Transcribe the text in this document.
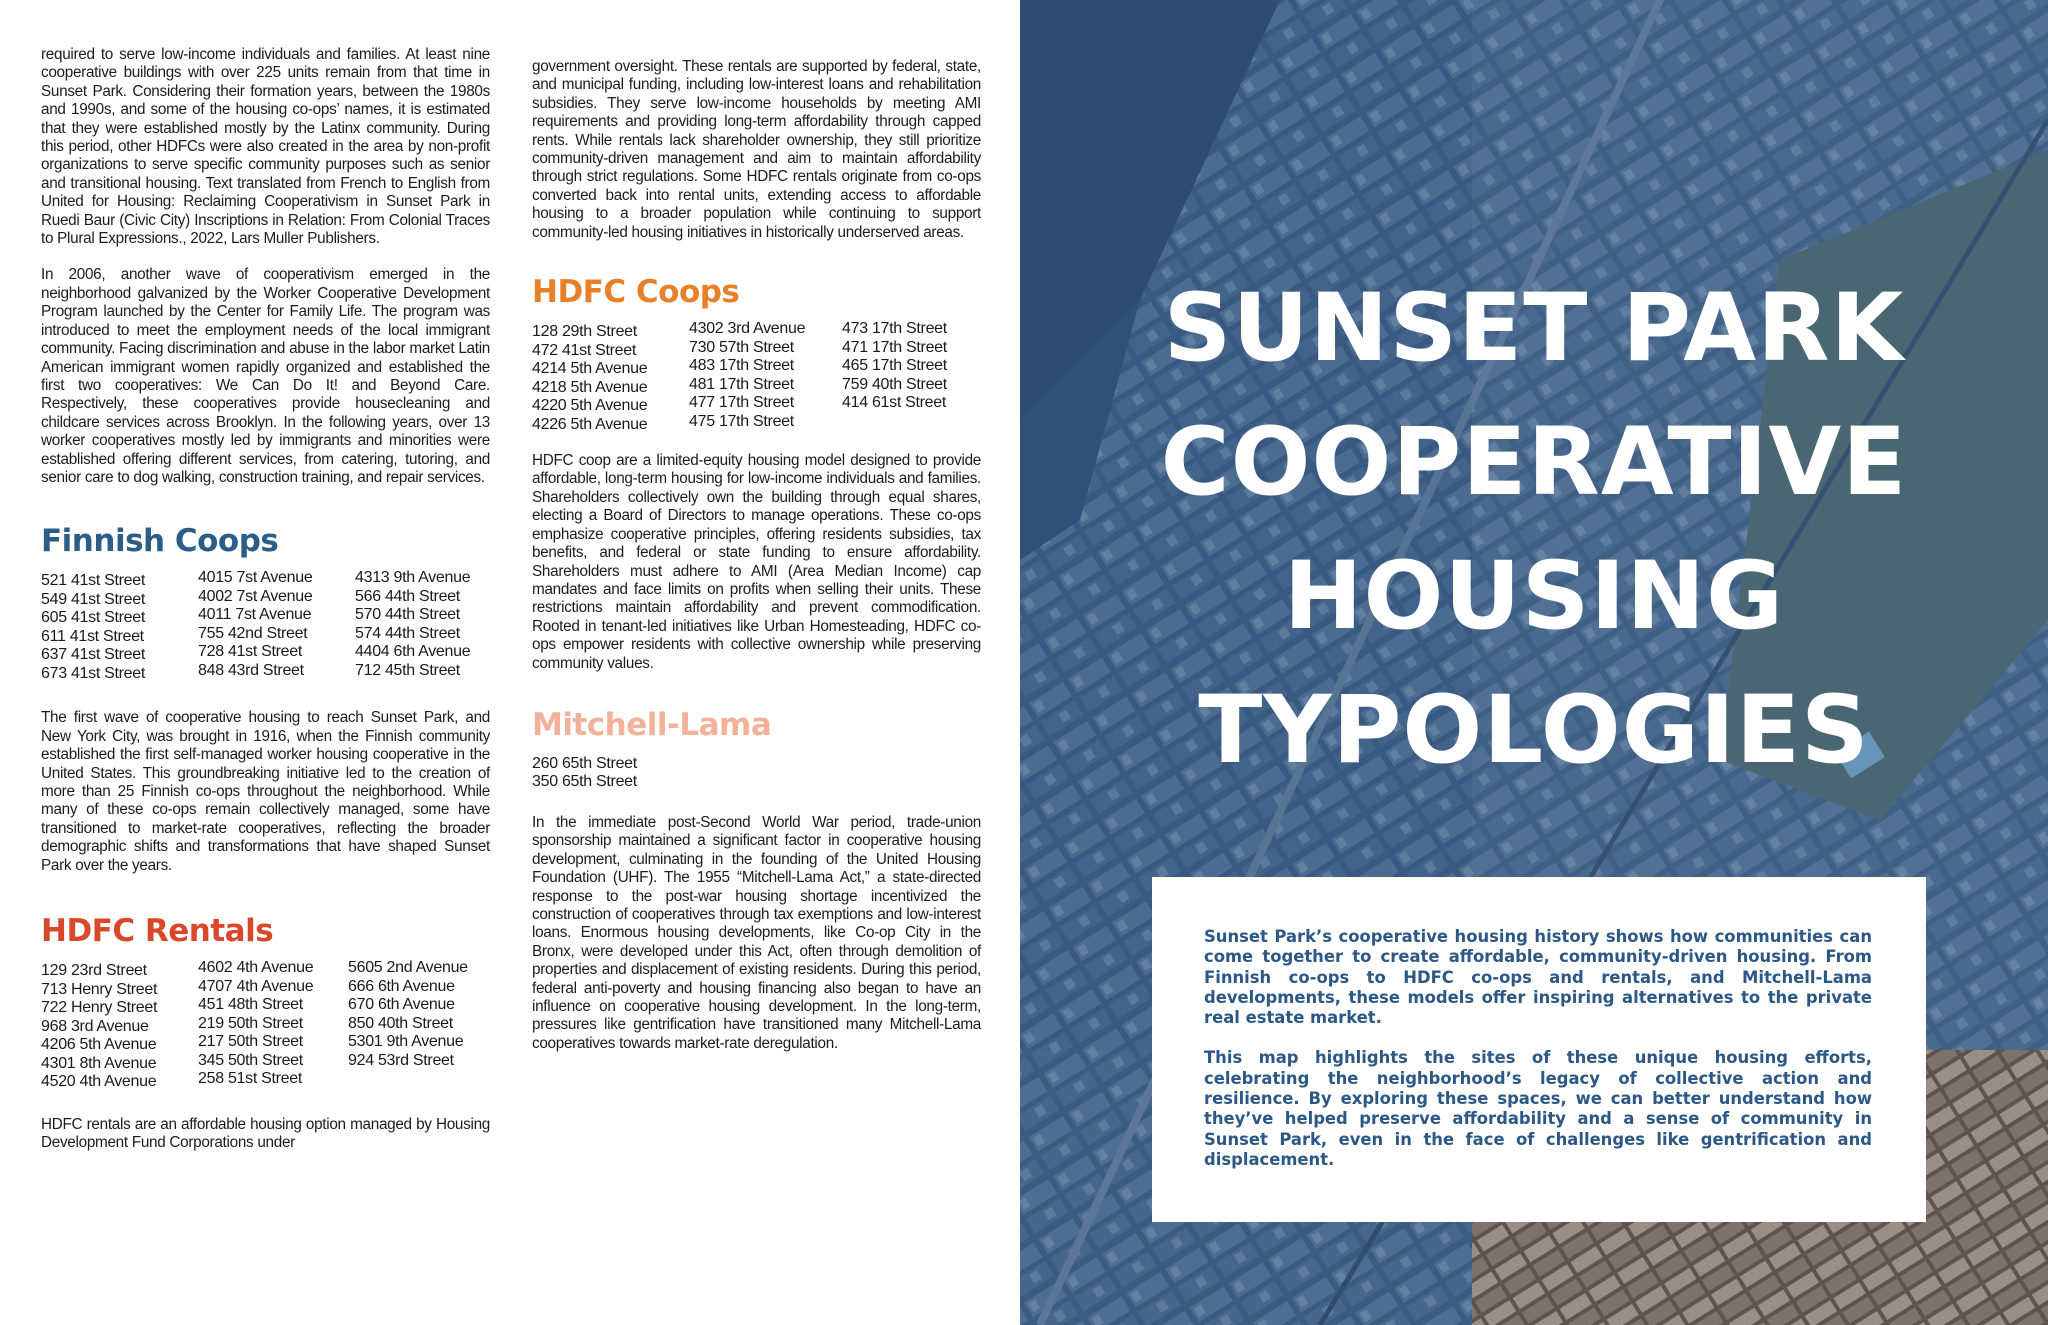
required to serve low-income individuals and families. At least nine cooperative buildings with over 225 units remain from that time in Sunset Park. Considering their formation years, between the 1980s and 1990s, and some of the housing co-ops’ names, it is estimated that they were established mostly by the Latinx community. During this period, other HDFCs were also created in the area by non-profit organizations to serve specific community purposes such as senior and transitional housing. Text translated from French to English from United for Housing: Reclaiming Cooperativism in Sunset Park in Ruedi Baur (Civic City) Inscriptions in Relation: From Colonial Traces to Plural Expressions., 2022, Lars Muller Publishers.

In 2006, another wave of cooperativism emerged in the neighborhood galvanized by the Worker Cooperative Development Program launched by the Center for Family Life. The program was introduced to meet the employment needs of the local immigrant community. Facing discrimination and abuse in the labor market Latin American immigrant women rapidly organized and established the first two cooperatives: We Can Do It! and Beyond Care. Respectively, these cooperatives provide housecleaning and childcare services across Brooklyn. In the following years, over 13 worker cooperatives mostly led by immigrants and minorities were established offering different services, from catering, tutoring, and senior care to dog walking, construction training, and repair services.

Finnish Coops
521 41st Street
549 41st Street
605 41st Street
611 41st Street
637 41st Street
673 41st Street
4015 7st Avenue
4002 7st Avenue
4011 7st Avenue
755 42nd Street
728 41st Street
848 43rd Street
4313 9th Avenue
566 44th Street
570 44th Street
574 44th Street
4404 6th Avenue
712 45th Street

The first wave of cooperative housing to reach Sunset Park, and New York City, was brought in 1916, when the Finnish community established the first self-managed worker housing cooperative in the United States. This groundbreaking initiative led to the creation of more than 25 Finnish co-ops throughout the neighborhood. While many of these co-ops remain collectively managed, some have transitioned to market-rate cooperatives, reflecting the broader demographic shifts and transformations that have shaped Sunset Park over the years.

HDFC Rentals
129 23rd Street
713 Henry Street
722 Henry Street
968 3rd Avenue
4206 5th Avenue
4301 8th Avenue
4520 4th Avenue
4602 4th Avenue
4707 4th Avenue
451 48th Street
219 50th Street
217 50th Street
345 50th Street
258 51st Street
5605 2nd Avenue
666 6th Avenue
670 6th Avenue
850 40th Street
5301 9th Avenue
924 53rd Street

HDFC rentals are an affordable housing option managed by Housing Development Fund Corporations under

government oversight. These rentals are supported by federal, state, and municipal funding, including low-interest loans and rehabilitation subsidies. They serve low-income households by meeting AMI requirements and providing long-term affordability through capped rents. While rentals lack shareholder ownership, they still prioritize community-driven management and aim to maintain affordability through strict regulations. Some HDFC rentals originate from co-ops converted back into rental units, extending access to affordable housing to a broader population while continuing to support community-led housing initiatives in historically underserved areas.

HDFC Coops
128 29th Street
472 41st Street
4214 5th Avenue
4218 5th Avenue
4220 5th Avenue
4226 5th Avenue
4302 3rd Avenue
730 57th Street
483 17th Street
481 17th Street
477 17th Street
475 17th Street
473 17th Street
471 17th Street
465 17th Street
759 40th Street
414 61st Street

HDFC coop are a limited-equity housing model designed to provide affordable, long-term housing for low-income individuals and families. Shareholders collectively own the building through equal shares, electing a Board of Directors to manage operations. These co-ops emphasize cooperative principles, offering residents subsidies, tax benefits, and federal or state funding to ensure affordability. Shareholders must adhere to AMI (Area Median Income) cap mandates and face limits on profits when selling their units. These restrictions maintain affordability and prevent commodification. Rooted in tenant-led initiatives like Urban Homesteading, HDFC co-ops empower residents with collective ownership while preserving community values.

Mitchell-Lama
260 65th Street
350 65th Street

In the immediate post-Second World War period, trade-union sponsorship maintained a significant factor in cooperative housing development, culminating in the founding of the United Housing Foundation (UHF). The 1955 “Mitchell-Lama Act,” a state-directed response to the post-war housing shortage incentivized the construction of cooperatives through tax exemptions and low-interest loans. Enormous housing developments, like Co-op City in the Bronx, were developed under this Act, often through demolition of properties and displacement of existing residents. During this period, federal anti-poverty and housing financing also began to have an influence on cooperative housing development. In the long-term, pressures like gentrification have transitioned many Mitchell-Lama cooperatives towards market-rate deregulation.

SUNSET PARK
COOPERATIVE
HOUSING
TYPOLOGIES

Sunset Park’s cooperative housing history shows how communities can come together to create affordable, community-driven housing. From Finnish co-ops to HDFC co-ops and rentals, and Mitchell-Lama developments, these models offer inspiring alternatives to the private real estate market.

This map highlights the sites of these unique housing efforts, celebrating the neighborhood’s legacy of collective action and resilience. By exploring these spaces, we can better understand how they’ve helped preserve affordability and a sense of community in Sunset Park, even in the face of challenges like gentrification and displacement.
